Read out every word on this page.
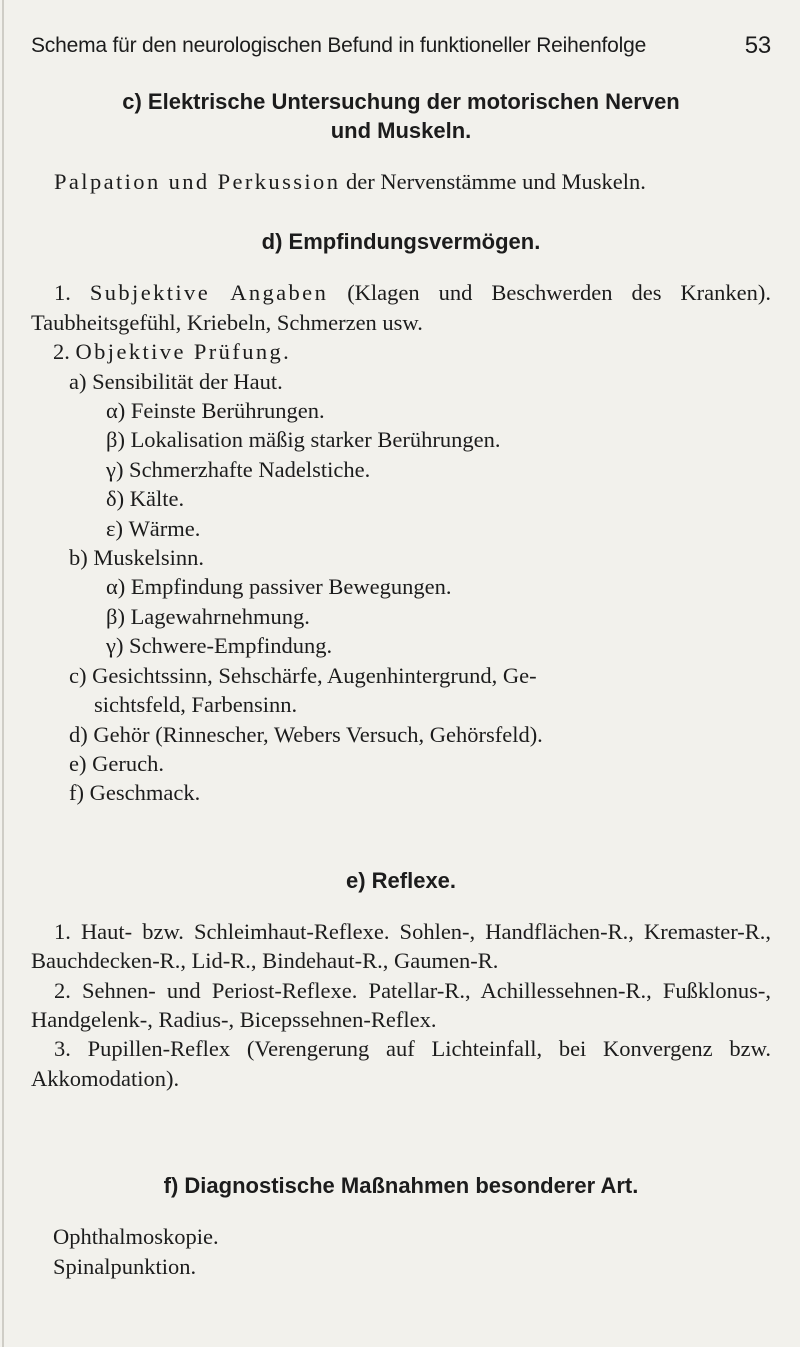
Schema für den neurologischen Befund in funktioneller Reihenfolge	53
c) Elektrische Untersuchung der motorischen Nerven
und Muskeln.

Palpation und Perkussion der Nervenstämme und Muskeln.

d) Empfindungsvermögen.

1. Subjektive Angaben (Klagen und Beschwerden des Kranken). Taubheitsgefühl, Kriebeln, Schmerzen usw.

2. Objektive Prüfung.
a) Sensibilität der Haut.
α) Feinste Berührungen.
β) Lokalisation mäßig starker Berührungen.
γ) Schmerzhafte Nadelstiche.
δ) Kälte.
ε) Wärme.
b) Muskelsinn.
α) Empfindung passiver Bewegungen.
β) Lagewahrnehmung.
γ) Schwere-Empfindung.
c) Gesichtssinn, Sehschärfe, Augenhintergrund, Ge-
sichtsfeld, Farbensinn.
d) Gehör (Rinnescher, Webers Versuch, Gehörsfeld).
e) Geruch.
f) Geschmack.
e) Reflexe.

1. Haut- bzw. Schleimhaut-Reflexe. Sohlen-, Handflächen-R., Kremaster-R., Bauchdecken-R., Lid-R., Bindehaut-R., Gaumen-R.

2. Sehnen- und Periost-Reflexe. Patellar-R., Achillessehnen-R., Fußklonus-, Handgelenk-, Radius-, Bicepssehnen-Reflex.

3. Pupillen-Reflex (Verengerung auf Lichteinfall, bei Konvergenz bzw. Akkomodation).

f) Diagnostische Maßnahmen besonderer Art.
Ophthalmoskopie.
Spinalpunktion.
